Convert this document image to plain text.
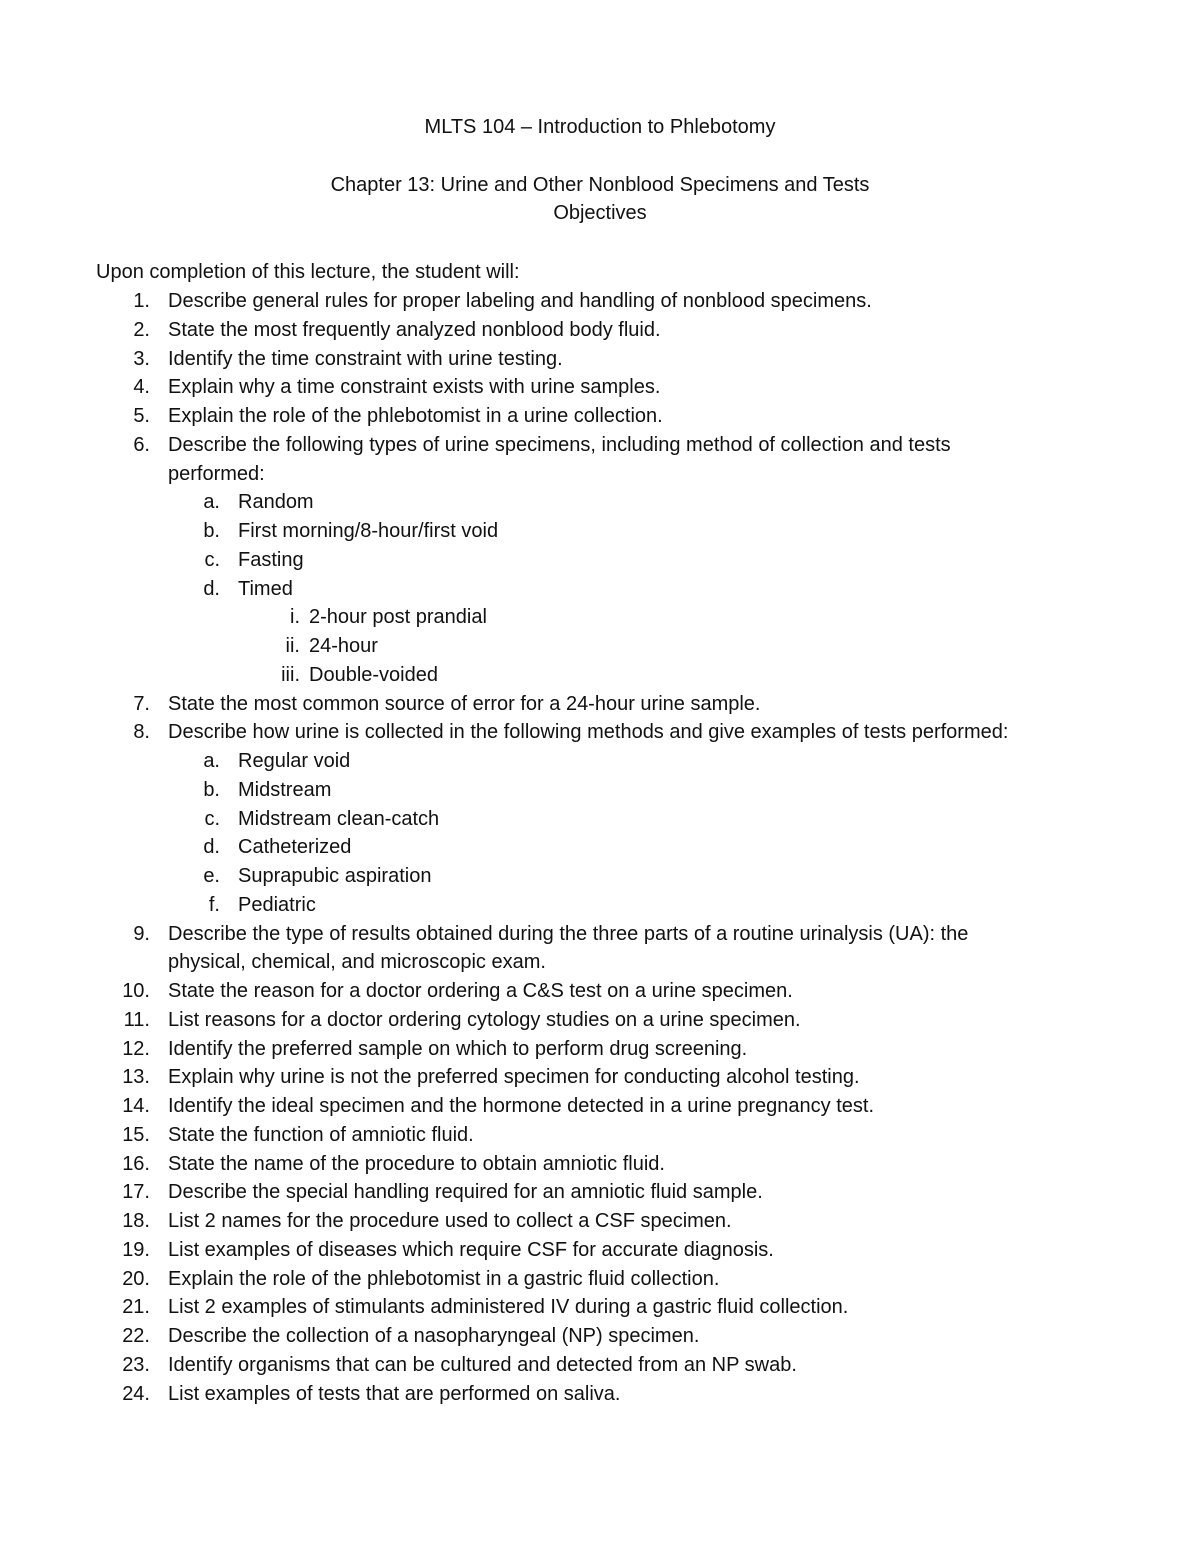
MLTS 104 – Introduction to Phlebotomy
Chapter 13: Urine and Other Nonblood Specimens and Tests
Objectives
Upon completion of this lecture, the student will:
1. Describe general rules for proper labeling and handling of nonblood specimens.
2. State the most frequently analyzed nonblood body fluid.
3. Identify the time constraint with urine testing.
4. Explain why a time constraint exists with urine samples.
5. Explain the role of the phlebotomist in a urine collection.
6. Describe the following types of urine specimens, including method of collection and tests
performed:
a. Random
b. First morning/8-hour/first void
c. Fasting
d. Timed
i. 2-hour post prandial
ii. 24-hour
iii. Double-voided
7. State the most common source of error for a 24-hour urine sample.
8. Describe how urine is collected in the following methods and give examples of tests performed:
a. Regular void
b. Midstream
c. Midstream clean-catch
d. Catheterized
e. Suprapubic aspiration
f. Pediatric
9. Describe the type of results obtained during the three parts of a routine urinalysis (UA): the
physical, chemical, and microscopic exam.
10. State the reason for a doctor ordering a C&S test on a urine specimen.
11. List reasons for a doctor ordering cytology studies on a urine specimen.
12. Identify the preferred sample on which to perform drug screening.
13. Explain why urine is not the preferred specimen for conducting alcohol testing.
14. Identify the ideal specimen and the hormone detected in a urine pregnancy test.
15. State the function of amniotic fluid.
16. State the name of the procedure to obtain amniotic fluid.
17. Describe the special handling required for an amniotic fluid sample.
18. List 2 names for the procedure used to collect a CSF specimen.
19. List examples of diseases which require CSF for accurate diagnosis.
20. Explain the role of the phlebotomist in a gastric fluid collection.
21. List 2 examples of stimulants administered IV during a gastric fluid collection.
22. Describe the collection of a nasopharyngeal (NP) specimen.
23. Identify organisms that can be cultured and detected from an NP swab.
24. List examples of tests that are performed on saliva.
